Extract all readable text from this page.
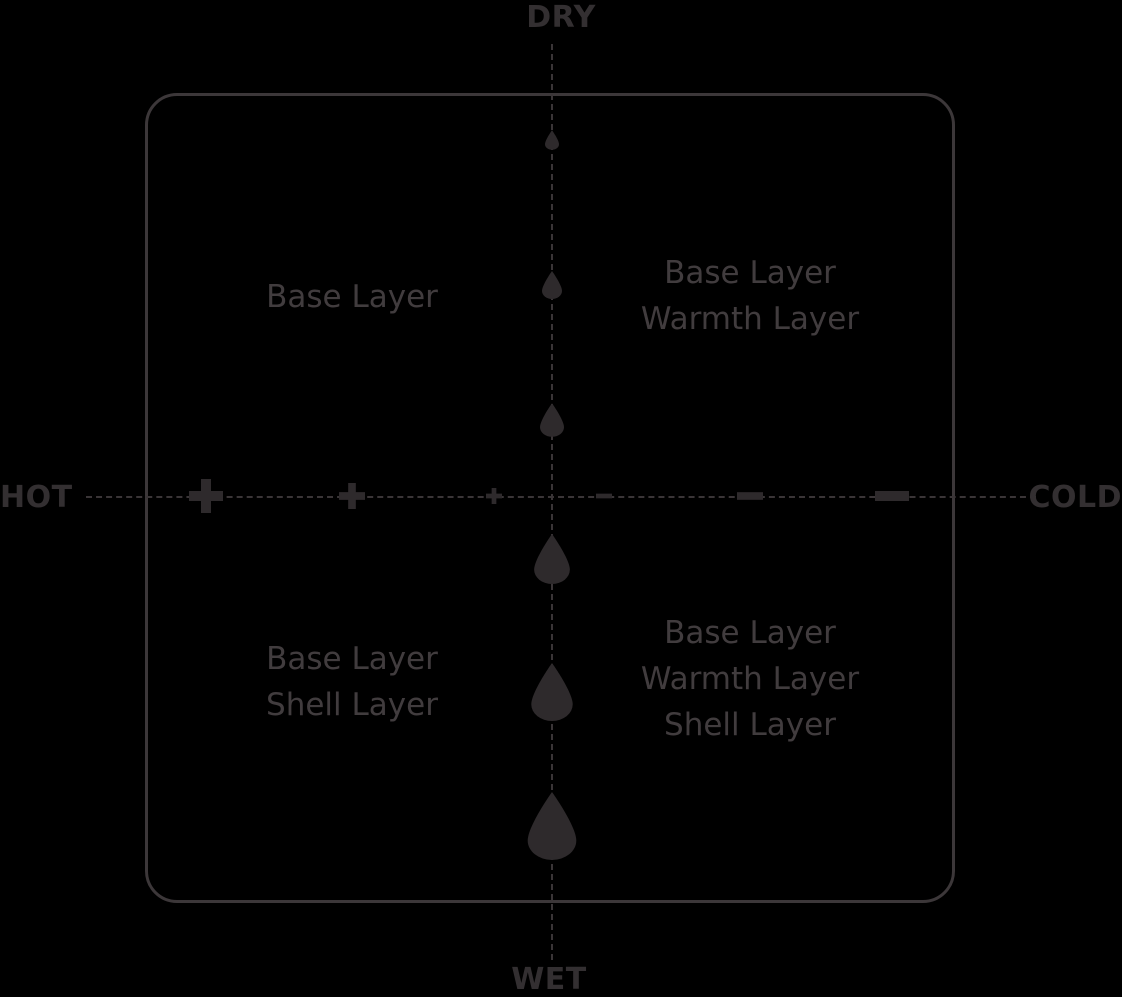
DRY
WET
HOT	COLD
Base Layer
Base Layer
Warmth Layer
Base Layer
Shell Layer
Base Layer
Warmth Layer
Shell Layer
